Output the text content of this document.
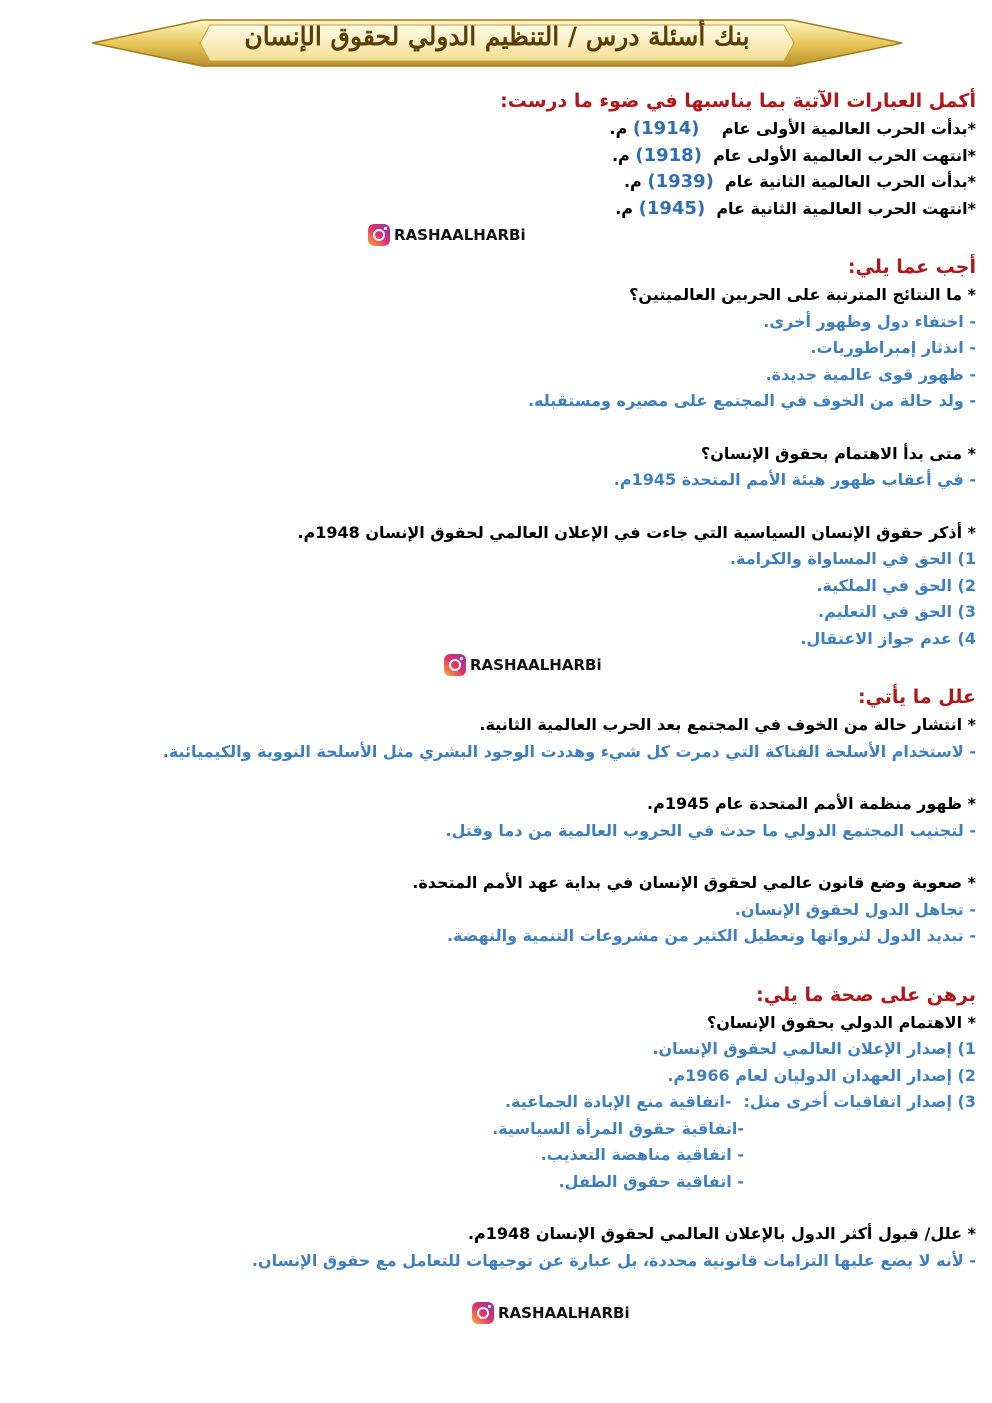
بنك أسئلة درس / التنظيم الدولي لحقوق الإنسان
أكمل العبارات الآتية بما يناسبها في ضوء ما درست:
*بدأت الحرب العالمية الأولى عام    (1914) م.
*انتهت الحرب العالمية الأولى عام  (1918) م.
*بدأت الحرب العالمية الثانية عام  (1939) م.
*انتهت الحرب العالمية الثانية عام  (1945) م.
RASHAALHARBi
أجب عما يلي:
* ما النتائج المترتبة على الحربين العالميتين؟
- اختفاء دول وظهور أخرى.
- انذثار إمبراطوريات.
- ظهور قوى عالمية جديدة.
- ولد حالة من الخوف في المجتمع على مصيره ومستقبله.
* متى بدأ الاهتمام بحقوق الإنسان؟
- في أعقاب ظهور هيئة الأمم المتحدة 1945م.
* أذكر حقوق الإنسان السياسية التي جاءت في الإعلان العالمي لحقوق الإنسان 1948م.
1) الحق في المساواة والكرامة.
2) الحق في الملكية.
3) الحق في التعليم.
4) عدم جواز الاعتقال.
RASHAALHARBi
علل ما يأتي:
* انتشار حالة من الخوف في المجتمع بعد الحرب العالمية الثانية.
- لاستخدام الأسلحة الفتاكة التي دمرت كل شيء وهددت الوجود البشري مثل الأسلحة النووية والكيميائية.
* ظهور منظمة الأمم المتحدة عام 1945م.
- لتجنيب المجتمع الدولي ما حدث في الحروب العالمية من دما وقتل.
* صعوبة وضع قانون عالمي لحقوق الإنسان في بداية عهد الأمم المتحدة.
- تجاهل الدول لحقوق الإنسان.
- تبديد الدول لثرواتها وتعطيل الكثير من مشروعات التنمية والنهضة.
برهن على صحة ما يلي:
* الاهتمام الدولي بحقوق الإنسان؟
1) إصدار الإعلان العالمي لحقوق الإنسان.
2) إصدار العهدان الدوليان لعام 1966م.
3) إصدار اتفاقيات أخرى مثل:
-اتفاقية منع الإبادة الجماعية.
-اتفاقية حقوق المرأة السياسية.
- اتفاقية مناهضة التعذيب.
- اتفاقية حقوق الطفل.
* علل/ قبول أكثر الدول بالإعلان العالمي لحقوق الإنسان 1948م.
- لأنه لا يضع عليها التزامات قانونية محددة، بل عبارة عن توجيهات للتعامل مع حقوق الإنسان.
RASHAALHARBi
